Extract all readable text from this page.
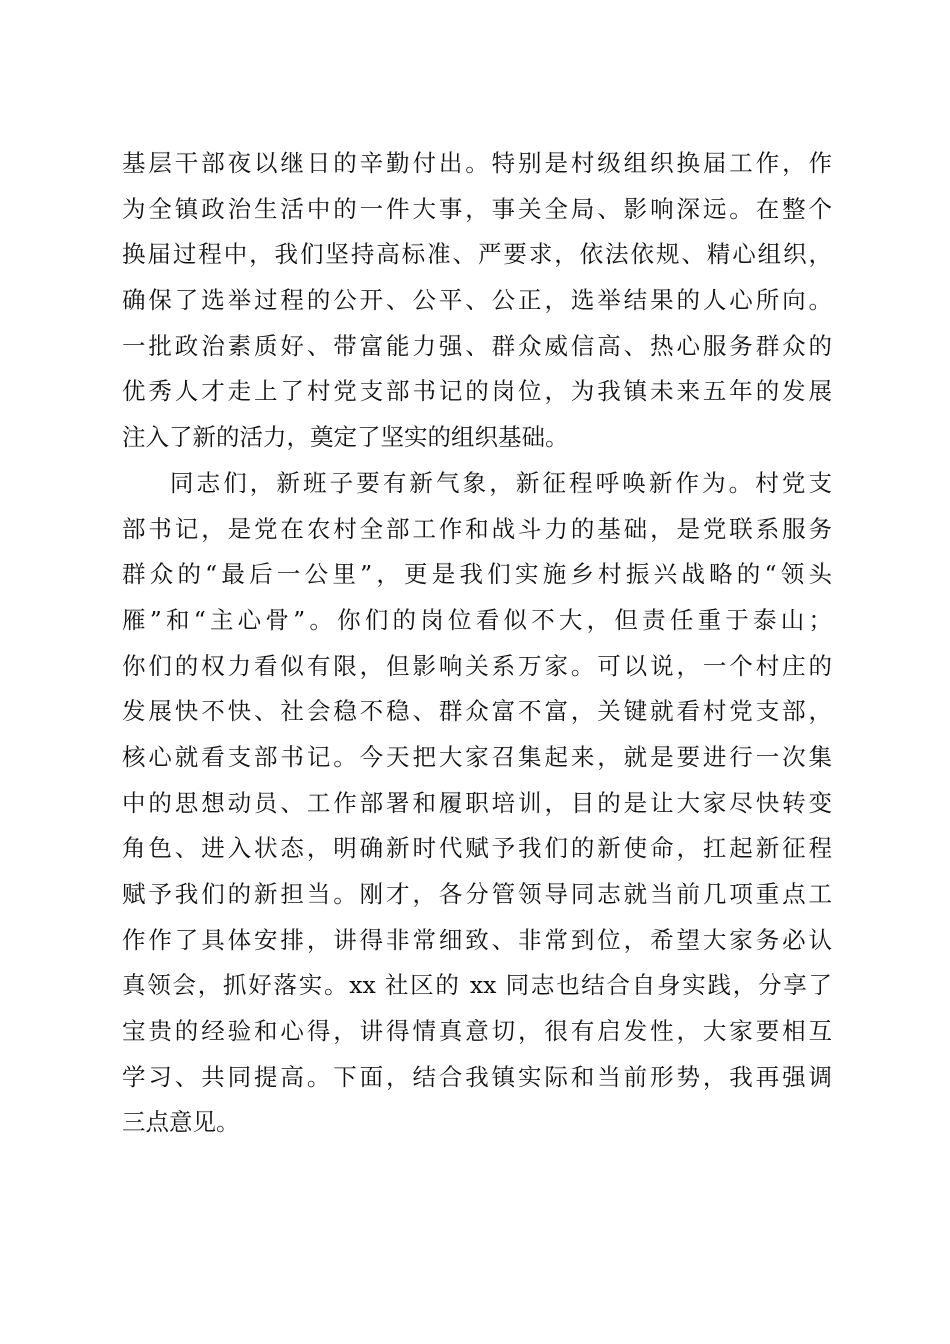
基层干部夜以继日的辛勤付出。特别是村级组织换届工作，作
为全镇政治生活中的一件大事，事关全局、影响深远。在整个
换届过程中，我们坚持高标准、严要求，依法依规、精心组织，
确保了选举过程的公开、公平、公正，选举结果的人心所向。
一批政治素质好、带富能力强、群众威信高、热心服务群众的
优秀人才走上了村党支部书记的岗位，为我镇未来五年的发展
注入了新的活力，奠定了坚实的组织基础。
同志们，新班子要有新气象，新征程呼唤新作为。村党支
部书记，是党在农村全部工作和战斗力的基础，是党联系服务
群众的“最后一公里”，更是我们实施乡村振兴战略的“领头
雁”和“主心骨”。你们的岗位看似不大，但责任重于泰山；
你们的权力看似有限，但影响关系万家。可以说，一个村庄的
发展快不快、社会稳不稳、群众富不富，关键就看村党支部，
核心就看支部书记。今天把大家召集起来，就是要进行一次集
中的思想动员、工作部署和履职培训，目的是让大家尽快转变
角色、进入状态，明确新时代赋予我们的新使命，扛起新征程
赋予我们的新担当。刚才，各分管领导同志就当前几项重点工
作作了具体安排，讲得非常细致、非常到位，希望大家务必认
真领会，抓好落实。xx 社区的 xx 同志也结合自身实践，分享了
宝贵的经验和心得，讲得情真意切，很有启发性，大家要相互
学习、共同提高。下面，结合我镇实际和当前形势，我再强调
三点意见。
